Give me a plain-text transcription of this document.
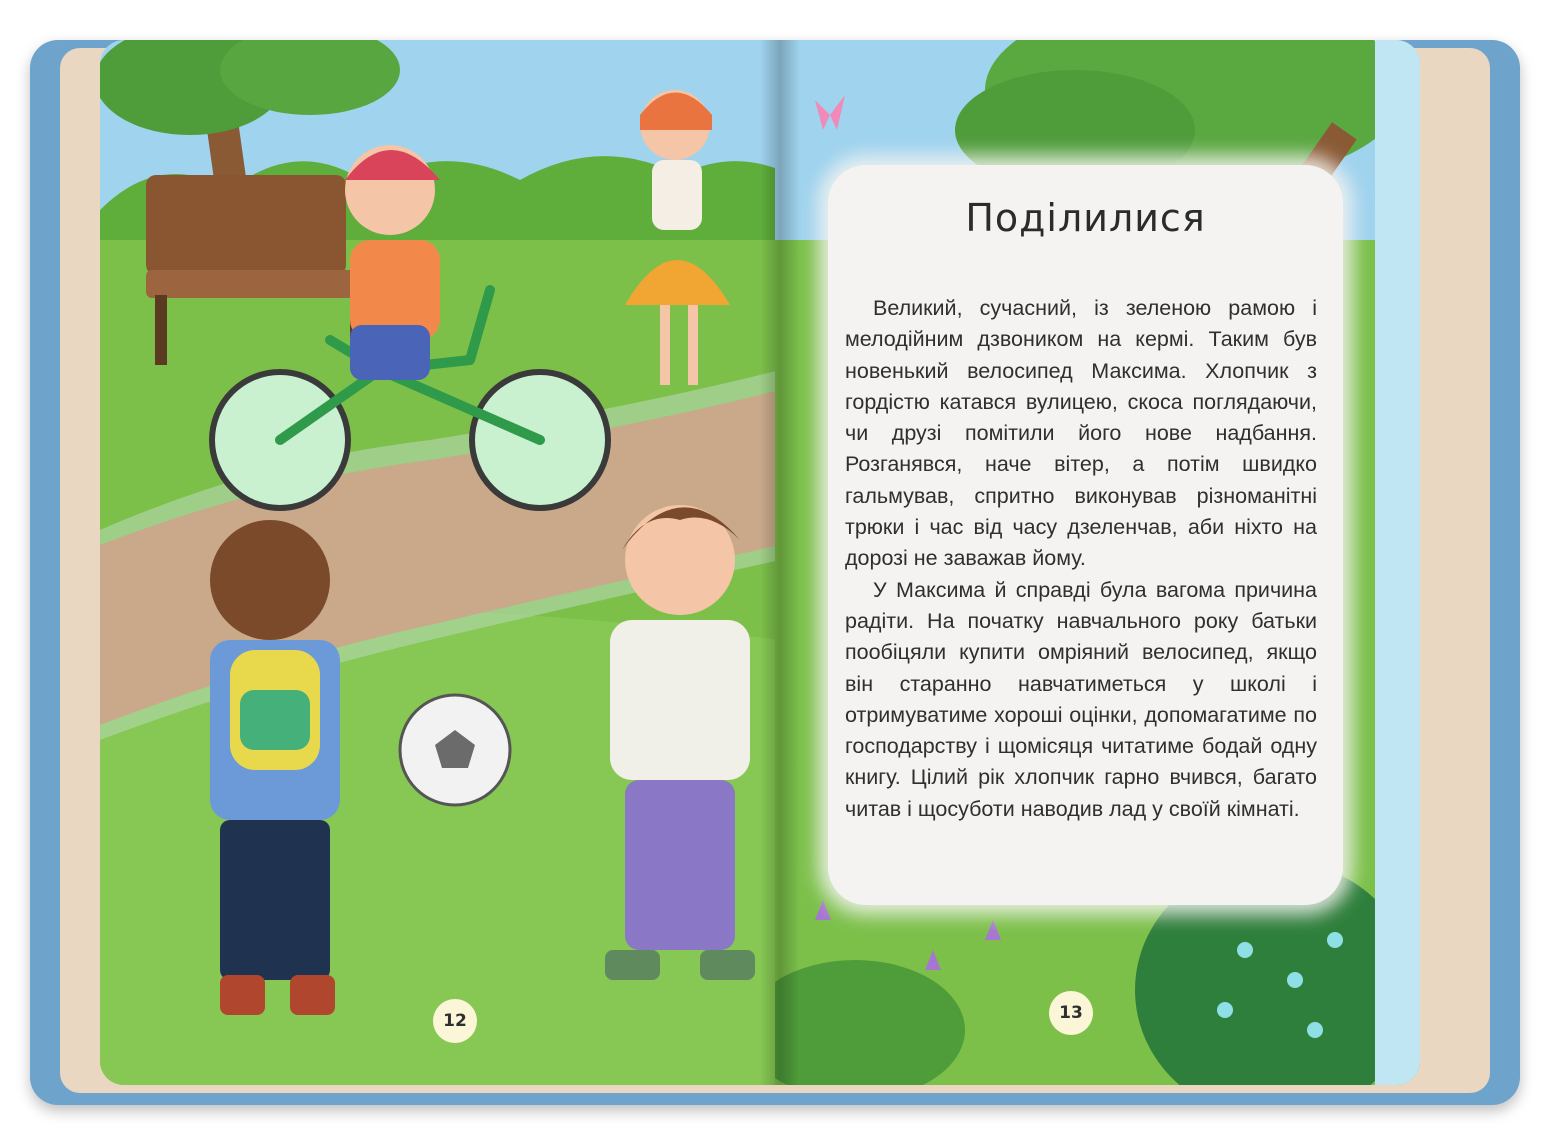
12
Поділилися

Великий, сучасний, із зеленою рамою і мелодійним дзвоником на кермі. Таким був новенький велосипед Максима. Хлопчик з гордістю катався вулицею, скоса поглядаючи, чи друзі помітили його нове надбання. Розганявся, наче вітер, а потім швидко гальмував, спритно виконував різноманітні трюки і час від часу дзеленчав, аби ніхто на дорозі не заважав йому.

У Максима й справді була вагома причина радіти. На початку навчального року батьки пообіцяли купити омріяний велосипед, якщо він старанно навчатиметься у школі і отримуватиме хороші оцінки, допомагатиме по господарству і щомісяця читатиме бодай одну книгу. Цілий рік хлопчик гарно вчився, багато читав і щосуботи наводив лад у своїй кімнаті.

13
